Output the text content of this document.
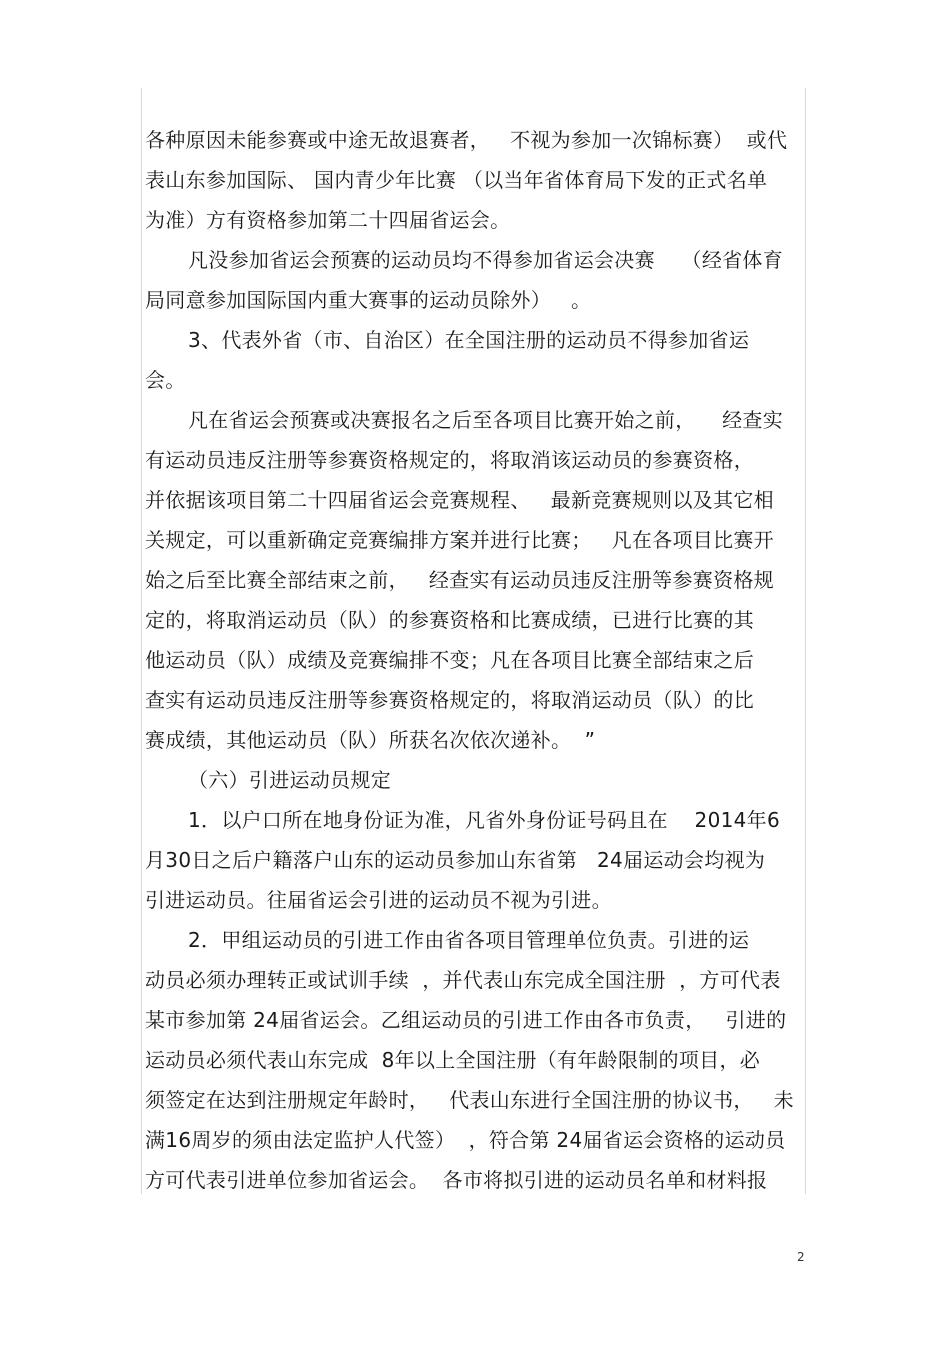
各种原因未能参赛或中途无故退赛者，   不视为参加一次锦标赛）  或代
表山东参加国际、 国内青少年比赛 （以当年省体育局下发的正式名单
为准）方有资格参加第二十四届省运会。
凡没参加省运会预赛的运动员均不得参加省运会决赛    （经省体育
局同意参加国际国内重大赛事的运动员除外）   。
3、代表外省（市、自治区）在全国注册的运动员不得参加省运
会。
凡在省运会预赛或决赛报名之后至各项目比赛开始之前，    经查实
有运动员违反注册等参赛资格规定的，将取消该运动员的参赛资格，
并依据该项目第二十四届省运会竞赛规程、   最新竞赛规则以及其它相
关规定，可以重新确定竞赛编排方案并进行比赛；   凡在各项目比赛开
始之后至比赛全部结束之前，   经查实有运动员违反注册等参赛资格规
定的，将取消运动员（队）的参赛资格和比赛成绩，已进行比赛的其
他运动员（队）成绩及竞赛编排不变；凡在各项目比赛全部结束之后
查实有运动员违反注册等参赛资格规定的，将取消运动员（队）的比
赛成绩，其他运动员（队）所获名次依次递补。  ”
（六）引进运动员规定
1．以户口所在地身份证为准，凡省外身份证号码且在    2014年6
月30日之后户籍落户山东的运动员参加山东省第   24届运动会均视为
引进运动员。往届省运会引进的运动员不视为引进。
2．甲组运动员的引进工作由省各项目管理单位负责。引进的运
动员必须办理转正或试训手续  ，并代表山东完成全国注册  ，方可代表
某市参加第 24届省运会。乙组运动员的引进工作由各市负责，   引进的
运动员必须代表山东完成  8年以上全国注册（有年龄限制的项目，必
须签定在达到注册规定年龄时，   代表山东进行全国注册的协议书，   未
满16周岁的须由法定监护人代签）  ，符合第 24届省运会资格的运动员
方可代表引进单位参加省运会。  各市将拟引进的运动员名单和材料报
2
